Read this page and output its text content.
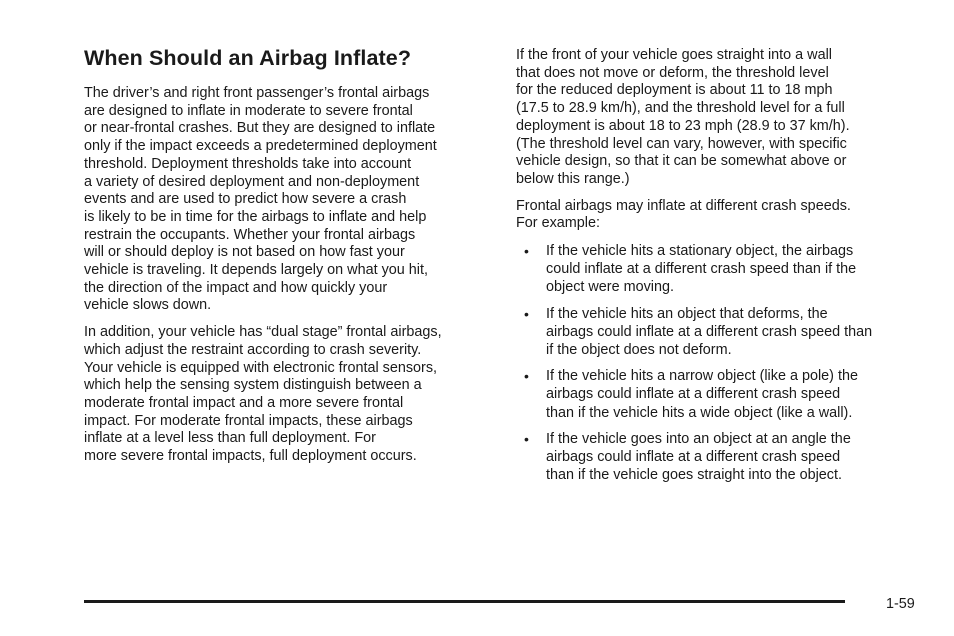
When Should an Airbag Inflate?

The driver’s and right front passenger’s frontal airbags
are designed to inflate in moderate to severe frontal
or near-frontal crashes. But they are designed to inflate
only if the impact exceeds a predetermined deployment
threshold. Deployment thresholds take into account
a variety of desired deployment and non-deployment
events and are used to predict how severe a crash
is likely to be in time for the airbags to inflate and help
restrain the occupants. Whether your frontal airbags
will or should deploy is not based on how fast your
vehicle is traveling. It depends largely on what you hit,
the direction of the impact and how quickly your
vehicle slows down.

In addition, your vehicle has “dual stage” frontal airbags,
which adjust the restraint according to crash severity.
Your vehicle is equipped with electronic frontal sensors,
which help the sensing system distinguish between a
moderate frontal impact and a more severe frontal
impact. For moderate frontal impacts, these airbags
inflate at a level less than full deployment. For
more severe frontal impacts, full deployment occurs.

If the front of your vehicle goes straight into a wall
that does not move or deform, the threshold level
for the reduced deployment is about 11 to 18 mph
(17.5 to 28.9 km/h), and the threshold level for a full
deployment is about 18 to 23 mph (28.9 to 37 km/h).
(The threshold level can vary, however, with specific
vehicle design, so that it can be somewhat above or
below this range.)

Frontal airbags may inflate at different crash speeds.
For example:

• If the vehicle hits a stationary object, the airbags
could inflate at a different crash speed than if the
object were moving.
• If the vehicle hits an object that deforms, the
airbags could inflate at a different crash speed than
if the object does not deform.
• If the vehicle hits a narrow object (like a pole) the
airbags could inflate at a different crash speed
than if the vehicle hits a wide object (like a wall).
• If the vehicle goes into an object at an angle the
airbags could inflate at a different crash speed
than if the vehicle goes straight into the object.
1-59
